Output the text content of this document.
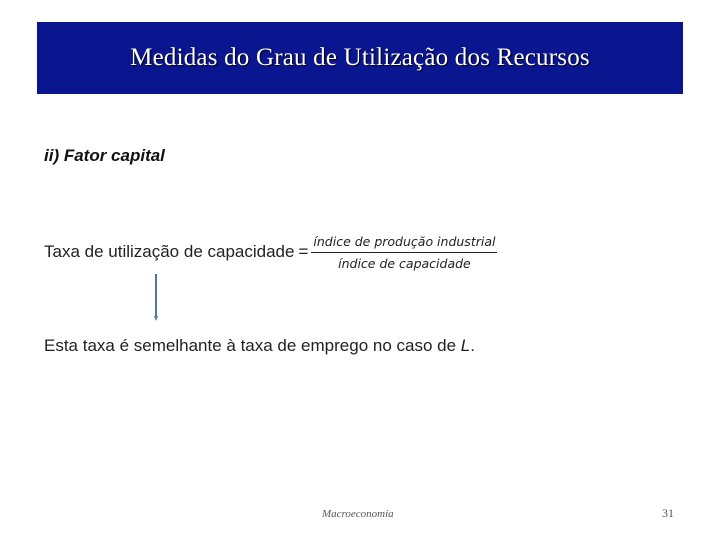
Medidas do Grau de Utilização dos Recursos
ii) Fator capital
Taxa de utilização de capacidade = $\frac{\text{índice de produção industrial}}{\text{índice de capacidade}}$
Esta taxa é semelhante à taxa de emprego no caso de L.
Macroeconomia	31
